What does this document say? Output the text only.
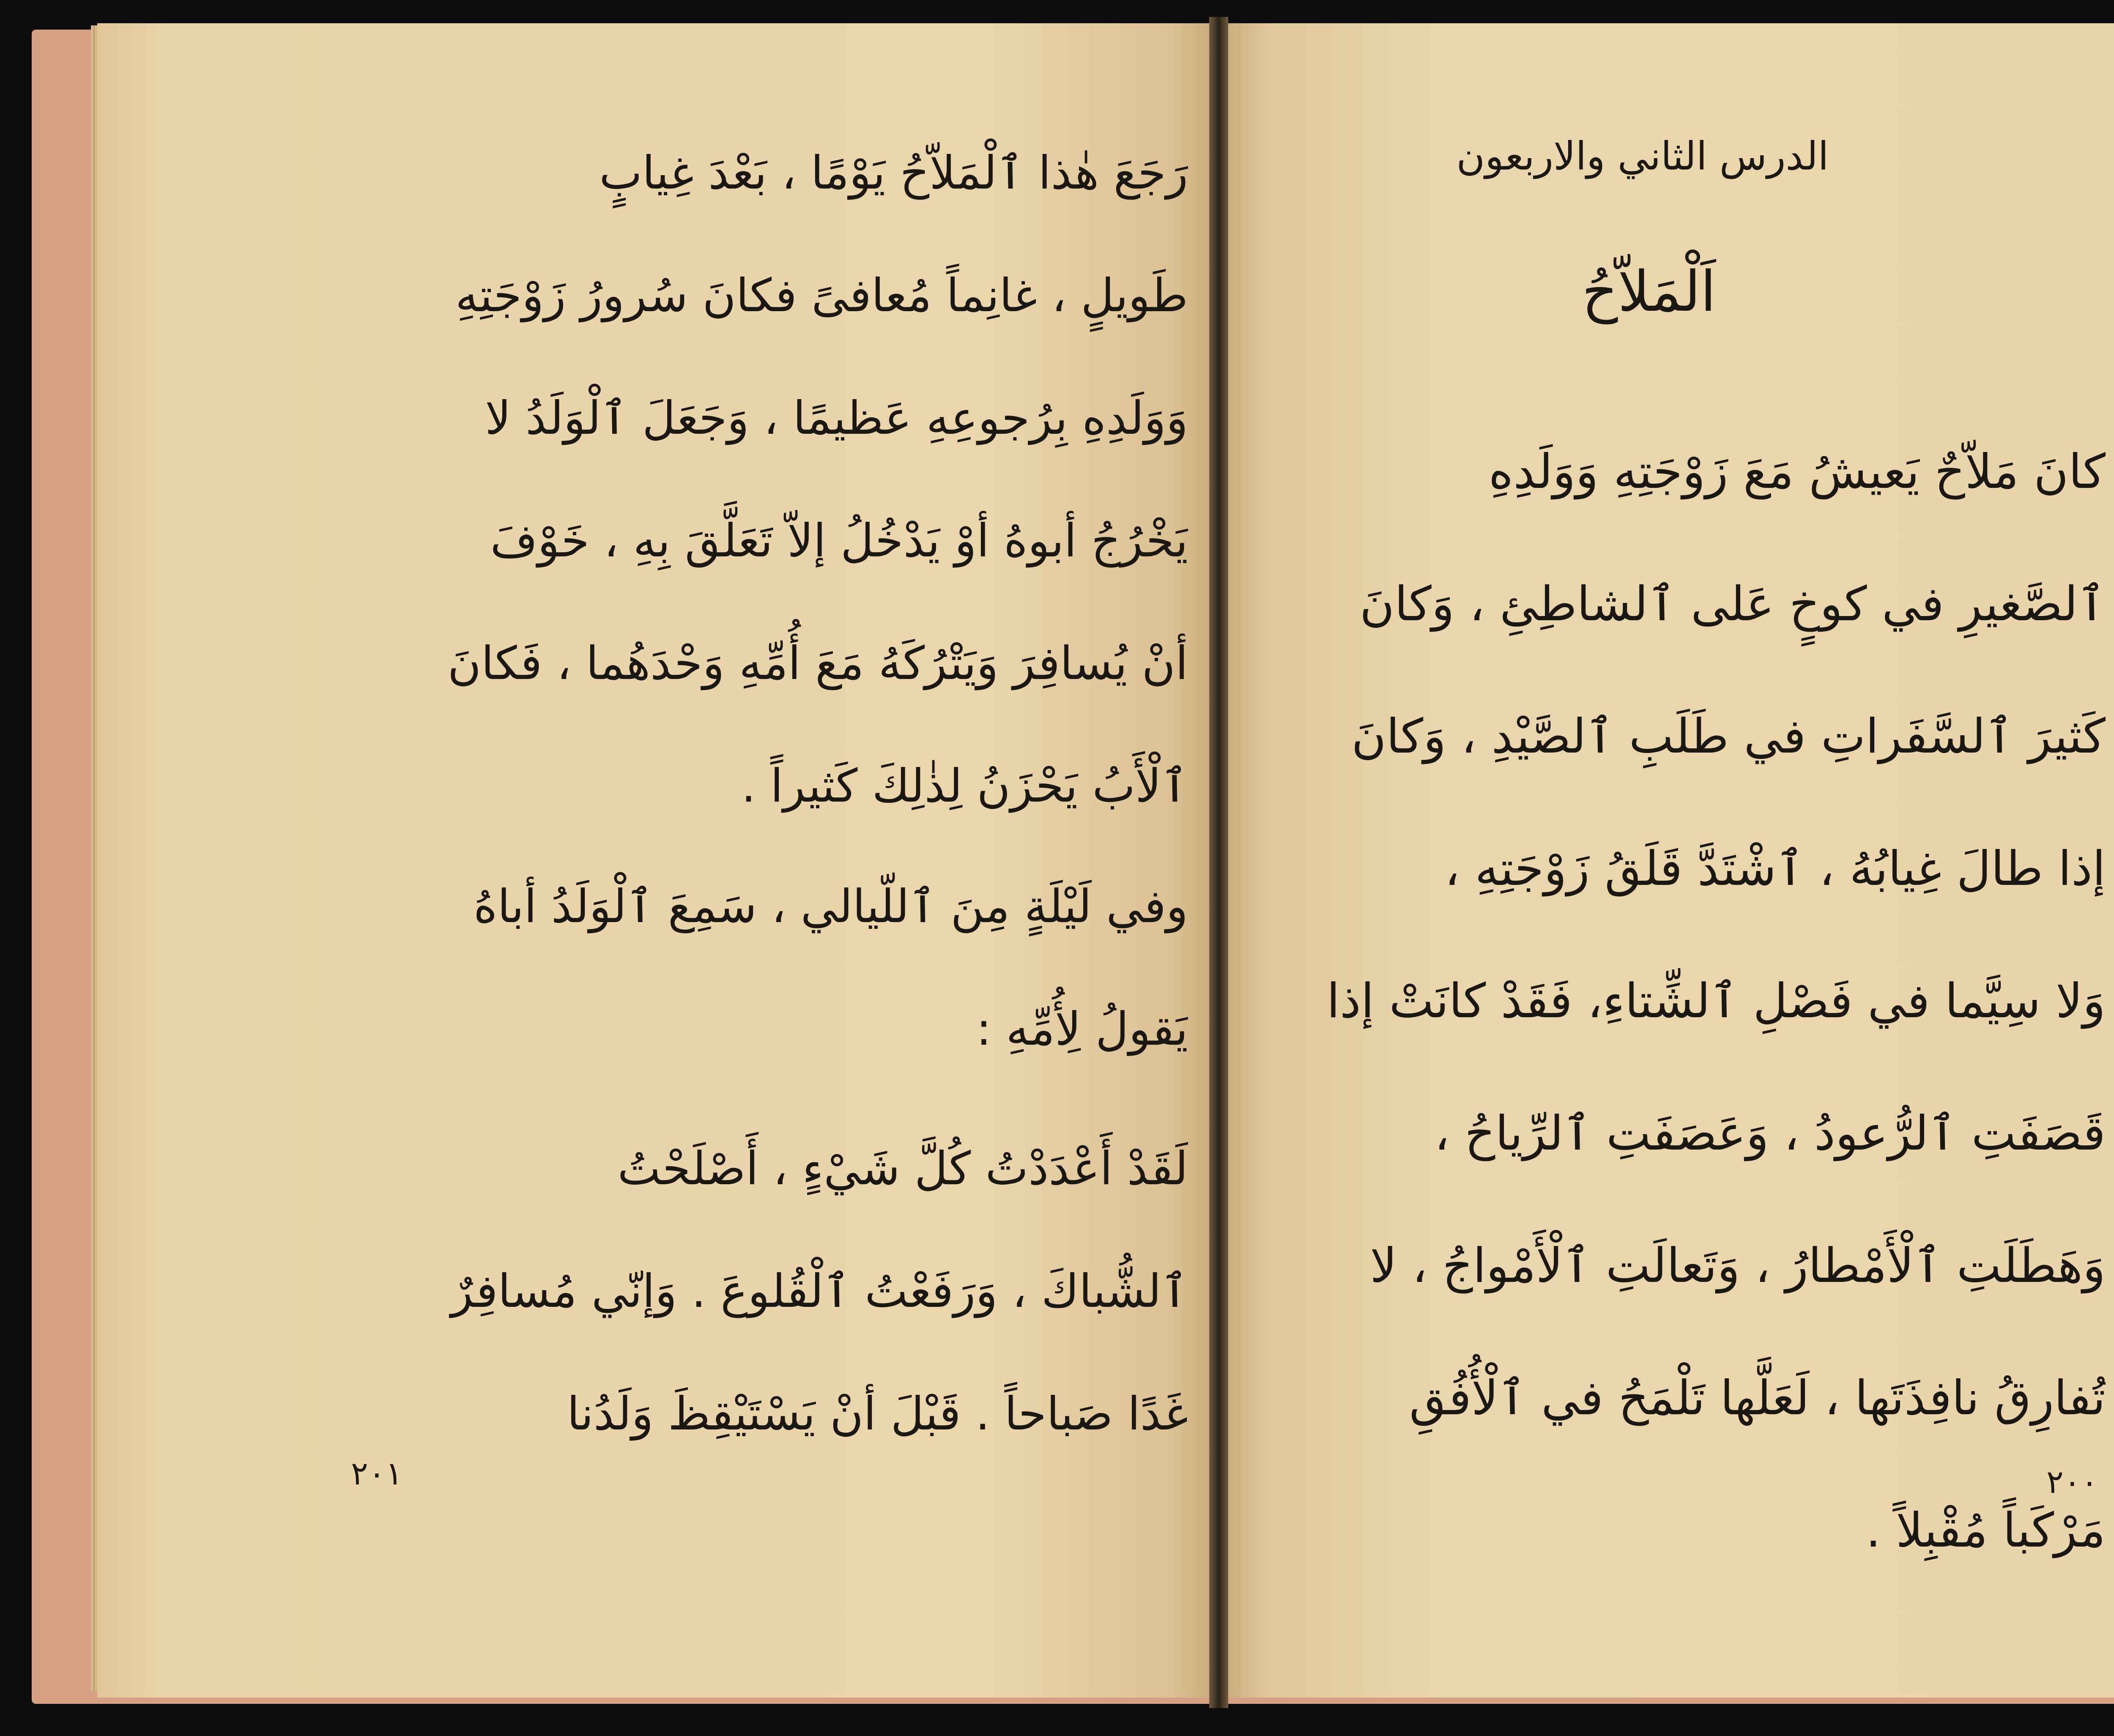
الدرس الثاني والاربعون
اَلْمَلاّحُ
كانَ مَلاّحٌ يَعيشُ مَعَ زَوْجَتِهِ وَوَلَدِهِ
ٱلصَّغيرِ في كوخٍ عَلى ٱلشاطِئِ ، وَكانَ
كَثيرَ ٱلسَّفَراتِ في طَلَبِ ٱلصَّيْدِ ، وَكانَ
إذا طالَ غِيابُهُ ، ٱشْتَدَّ قَلَقُ زَوْجَتِهِ ،
وَلا سِيَّما في فَصْلِ ٱلشِّتاءِ، فَقَدْ كانَتْ إذا
قَصَفَتِ ٱلرُّعودُ ، وَعَصَفَتِ ٱلرِّياحُ ،
وَهَطَلَتِ ٱلْأَمْطارُ ، وَتَعالَتِ ٱلْأَمْواجُ ، لا
تُفارِقُ نافِذَتَها ، لَعَلَّها تَلْمَحُ في ٱلْأُفُقِ
مَرْكَباً مُقْبِلاً .
٢٠٠
رَجَعَ هٰذا ٱلْمَلاّحُ يَوْمًا ، بَعْدَ غِيابٍ
طَويلٍ ، غانِماً مُعافىً فكانَ سُرورُ زَوْجَتِهِ
وَوَلَدِهِ بِرُجوعِهِ عَظيمًا ، وَجَعَلَ ٱلْوَلَدُ لا
يَخْرُجُ أبوهُ أوْ يَدْخُلُ إلاّ تَعَلَّقَ بِهِ ، خَوْفَ
أنْ يُسافِرَ وَيَتْرُكَهُ مَعَ أُمِّهِ وَحْدَهُما ، فَكانَ
ٱلْأَبُ يَحْزَنُ لِذٰلِكَ كَثيراً .
وفي لَيْلَةٍ مِنَ ٱللّيالي ، سَمِعَ ٱلْوَلَدُ أباهُ
يَقولُ لِأُمِّهِ :
لَقَدْ أَعْدَدْتُ كُلَّ شَيْءٍ ، أَصْلَحْتُ
ٱلشُّباكَ ، وَرَفَعْتُ ٱلْقُلوعَ . وَإنّي مُسافِرٌ
غَدًا صَباحاً . قَبْلَ أنْ يَسْتَيْقِظَ وَلَدُنا
٢٠١
